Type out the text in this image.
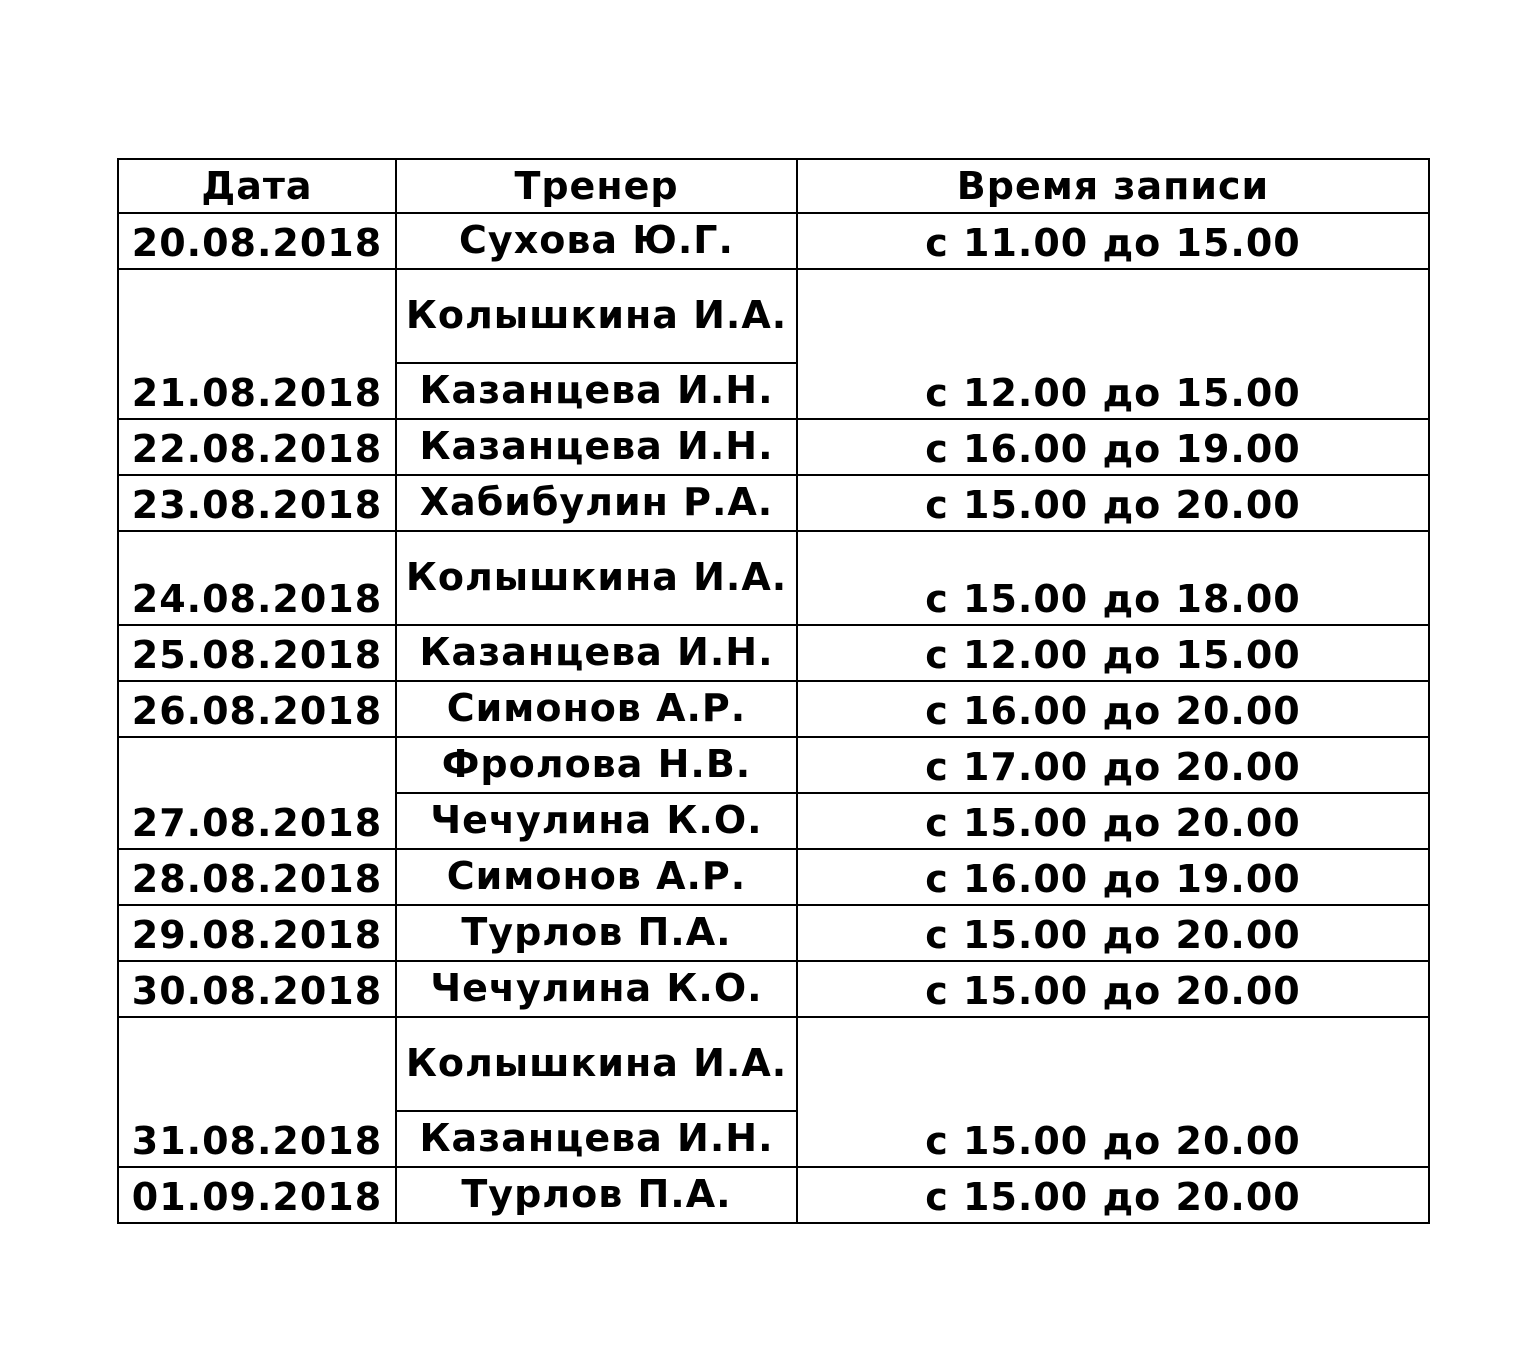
Дата	Тренер	Время записи
20.08.2018	Сухова Ю.Г.	с 11.00 до 15.00
21.08.2018	Колышкина И.А.	с 12.00 до 15.00
	Казанцева И.Н.	
22.08.2018	Казанцева И.Н.	с 16.00 до 19.00
23.08.2018	Хабибулин Р.А.	с 15.00 до 20.00
24.08.2018	Колышкина И.А.	с 15.00 до 18.00
25.08.2018	Казанцева И.Н.	с 12.00 до 15.00
26.08.2018	Симонов А.Р.	с 16.00 до 20.00
27.08.2018	Фролова Н.В.	с 17.00 до 20.00
	Чечулина К.О.	с 15.00 до 20.00
28.08.2018	Симонов А.Р.	с 16.00 до 19.00
29.08.2018	Турлов П.А.	с 15.00 до 20.00
30.08.2018	Чечулина К.О.	с 15.00 до 20.00
31.08.2018	Колышкина И.А.	с 15.00 до 20.00
	Казанцева И.Н.	
01.09.2018	Турлов П.А.	с 15.00 до 20.00
